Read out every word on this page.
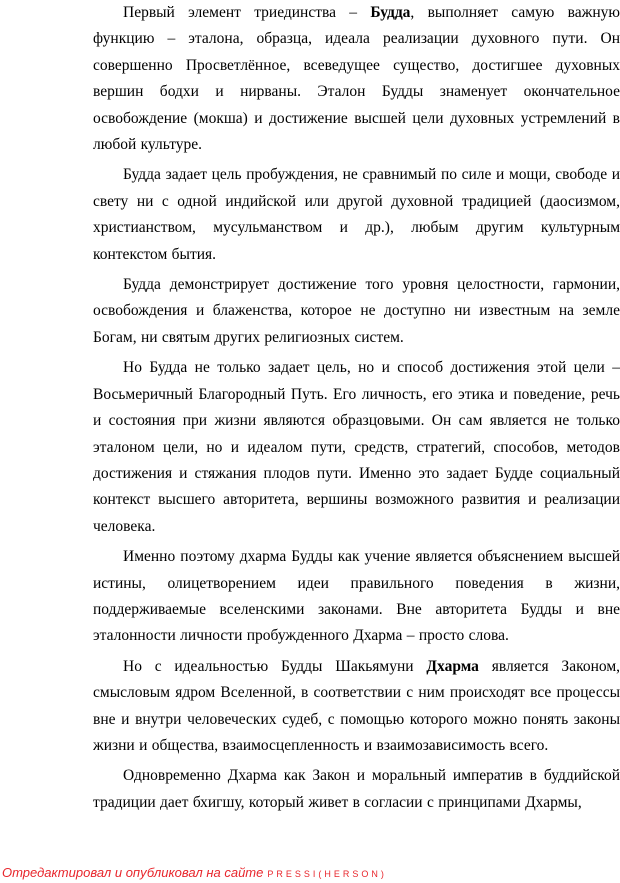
Первый элемент триединства – Будда, выполняет самую важную функцию – эталона, образца, идеала реализации духовного пути. Он совершенно Просветлённое, всеведущее существо, достигшее духовных вершин бодхи и нирваны. Эталон Будды знаменует окончательное освобождение (мокша) и достижение высшей цели духовных устремлений в любой культуре.

Будда задает цель пробуждения, не сравнимый по силе и мощи, свободе и свету ни с одной индийской или другой духовной традицией (даосизмом, христианством, мусульманством и др.), любым другим культурным контекстом бытия.

Будда демонстрирует достижение того уровня целостности, гармонии, освобождения и блаженства, которое не доступно ни известным на земле Богам, ни святым других религиозных систем.

Но Будда не только задает цель, но и способ достижения этой цели – Восьмеричный Благородный Путь. Его личность, его этика и поведение, речь и состояния при жизни являются образцовыми. Он сам является не только эталоном цели, но и идеалом пути, средств, стратегий, способов, методов достижения и стяжания плодов пути. Именно это задает Будде социальный контекст высшего авторитета, вершины возможного развития и реализации человека.

Именно поэтому дхарма Будды как учение является объяснением высшей истины, олицетворением идеи правильного поведения в жизни, поддерживаемые вселенскими законами. Вне авторитета Будды и вне эталонности личности пробужденного Дхарма – просто слова.

Но с идеальностью Будды Шакьямуни Дхарма является Законом, смысловым ядром Вселенной, в соответствии с ним происходят все процессы вне и внутри человеческих судеб, с помощью которого можно понять законы жизни и общества, взаимосцепленность и взаимозависимость всего.

Одновременно Дхарма как Закон и моральный императив в буддийской традиции дает бхигшу, который живет в согласии с принципами Дхармы,

Отредактировал и опубликовал на сайте PRESSI(HERSON)
